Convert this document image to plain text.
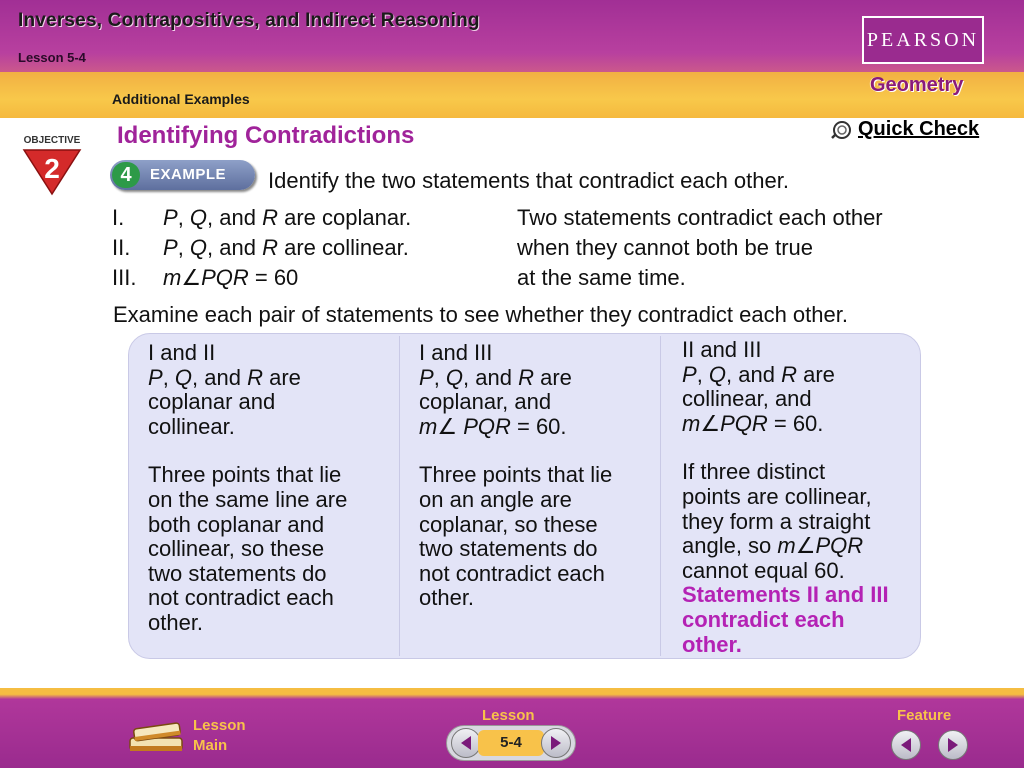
Inverses, Contrapositives, and Indirect Reasoning
Lesson 5-4
Additional Examples
PEARSON
Geometry
OBJECTIVE
2
Identifying Contradictions	Quick Check
4	EXAMPLE Identify the two statements that contradict each other.
I. P, Q, and R are coplanar.	Two statements contradict each other
II. P, Q, and R are collinear.	when they cannot both be true
III. m∠PQR = 60	at the same time.
Examine each pair of statements to see whether they contradict each other.

I and II

P, Q, and R are

coplanar and

collinear.

Three points that lie

on the same line are

both coplanar and

collinear, so these

two statements do

not contradict each

other.

I and III

P, Q, and R are

coplanar, and

m∠ PQR = 60.

Three points that lie

on an angle are

coplanar, so these

two statements do

not contradict each

other.

II and III

P, Q, and R are

collinear, and

m∠PQR = 60.

If three distinct

points are collinear,

they form a straight

angle, so m∠PQR

cannot equal 60.

Statements II and III

contradict each

other.

Lesson
Main
Lesson
5-4
Feature
